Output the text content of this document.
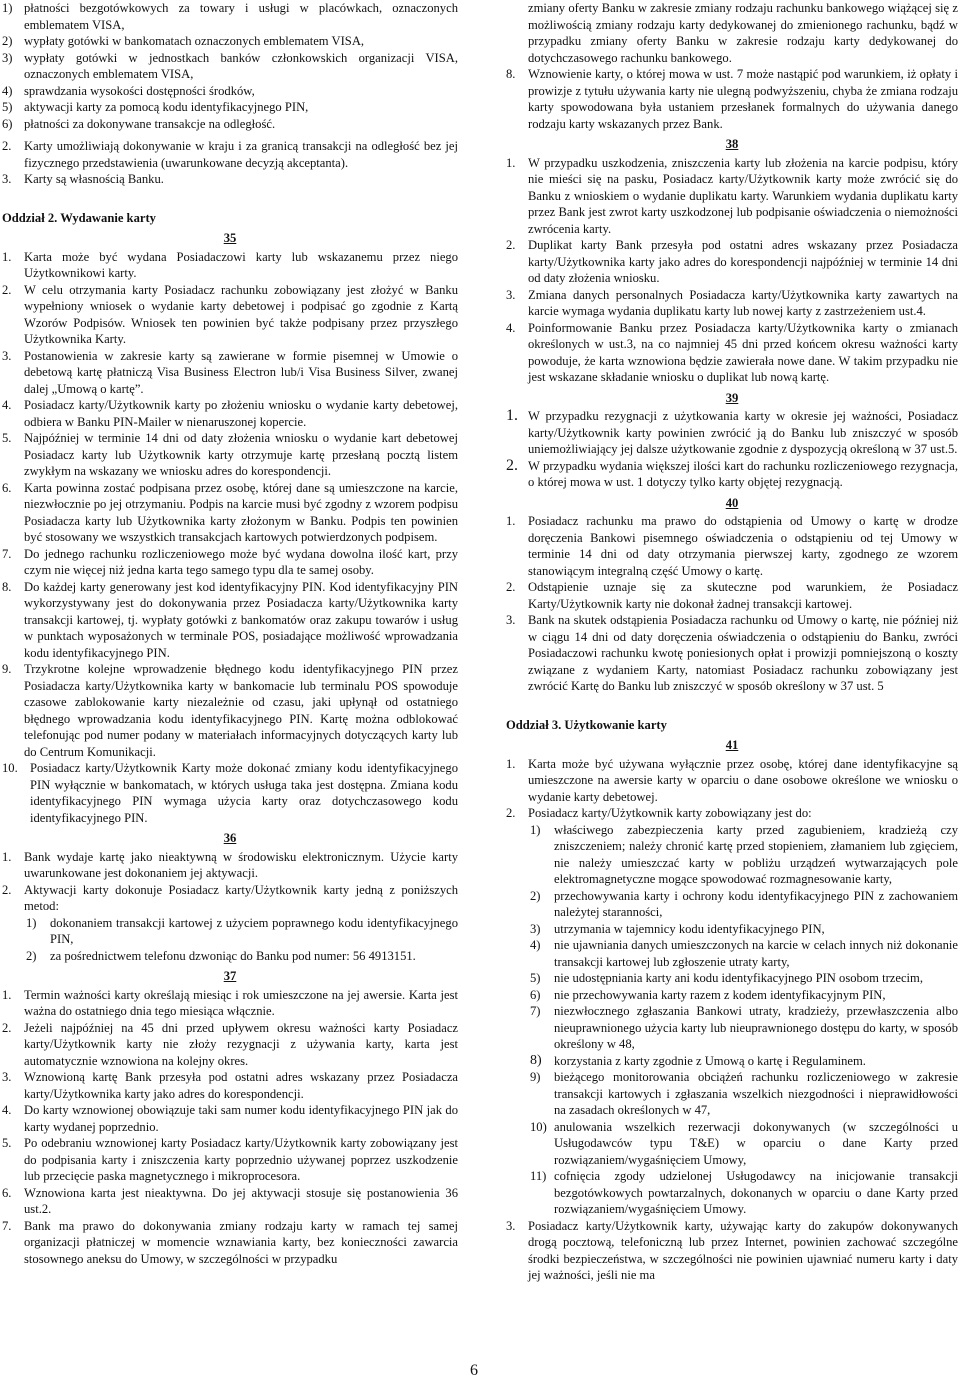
1) płatności bezgotówkowych za towary i usługi w placówkach, oznaczonych emblematem VISA,
2) wypłaty gotówki w bankomatach oznaczonych emblematem VISA,
3) wypłaty gotówki w jednostkach banków członkowskich organizacji VISA, oznaczonych emblematem VISA,
4) sprawdzania wysokości dostępności środków,
5) aktywacji karty za pomocą kodu identyfikacyjnego PIN,
6) płatności za dokonywane transakcje na odległość.
2. Karty umożliwiają dokonywanie w kraju i za granicą transakcji na odległość bez jej fizycznego przedstawienia (uwarunkowane decyzją akceptanta).
3. Karty są własnością Banku.
Oddział 2. Wydawanie karty
35
1. Karta może być wydana Posiadaczowi karty lub wskazanemu przez niego Użytkownikowi karty.
2. W celu otrzymania karty Posiadacz rachunku zobowiązany jest złożyć w Banku wypełniony wniosek o wydanie karty debetowej i podpisać go zgodnie z Kartą Wzorów Podpisów. Wniosek ten powinien być także podpisany przez przyszłego Użytkownika Karty.
3. Postanowienia w zakresie karty są zawierane w formie pisemnej w Umowie o debetową kartę płatniczą Visa Business Electron lub/i Visa Business Silver, zwanej dalej „Umową o kartę”.
4. Posiadacz karty/Użytkownik karty po złożeniu wniosku o wydanie karty debetowej, odbiera w Banku PIN-Mailer w nienaruszonej kopercie.
5. Najpóźniej w terminie 14 dni od daty złożenia wniosku o wydanie kart debetowej Posiadacz karty lub Użytkownik karty otrzymuje kartę przesłaną pocztą listem zwykłym na wskazany we wniosku adres do korespondencji.
6. Karta powinna zostać podpisana przez osobę, której dane są umieszczone na karcie, niezwłocznie po jej otrzymaniu. Podpis na karcie musi być zgodny z wzorem podpisu Posiadacza karty lub Użytkownika karty złożonym w Banku. Podpis ten powinien być stosowany we wszystkich transakcjach kartowych potwierdzonych podpisem.
7. Do jednego rachunku rozliczeniowego może być wydana dowolna ilość kart, przy czym nie więcej niż jedna karta tego samego typu dla te samej osoby.
8. Do każdej karty generowany jest kod identyfikacyjny PIN. Kod identyfikacyjny PIN wykorzystywany jest do dokonywania przez Posiadacza karty/Użytkownika karty transakcji kartowej, tj. wypłaty gotówki z bankomatów oraz zakupu towarów i usług w punktach wyposażonych w terminale POS, posiadające możliwość wprowadzania kodu identyfikacyjnego PIN.
9. Trzykrotne kolejne wprowadzenie błędnego kodu identyfikacyjnego PIN przez Posiadacza karty/Użytkownika karty w bankomacie lub terminalu POS spowoduje czasowe zablokowanie karty niezależnie od czasu, jaki upłynął od ostatniego błędnego wprowadzania kodu identyfikacyjnego PIN. Kartę można odblokować telefonując pod numer podany w materiałach informacyjnych dotyczących karty lub do Centrum Komunikacji.
10. Posiadacz karty/Użytkownik Karty może dokonać zmiany kodu identyfikacyjnego PIN wyłącznie w bankomatach, w których usługa taka jest dostępna. Zmiana kodu identyfikacyjnego PIN wymaga użycia karty oraz dotychczasowego kodu identyfikacyjnego PIN.
36
1. Bank wydaje kartę jako nieaktywną w środowisku elektronicznym. Użycie karty uwarunkowane jest dokonaniem jej aktywacji.
2. Aktywacji karty dokonuje Posiadacz karty/Użytkownik karty jedną z poniższych metod:
1)	dokonaniem transakcji kartowej z użyciem poprawnego kodu identyfikacyjnego PIN,
2)	za pośrednictwem telefonu dzwoniąc do Banku pod numer: 56 4913151.
37
1. Termin ważności karty określają miesiąc i rok umieszczone na jej awersie. Karta jest ważna do ostatniego dnia tego miesiąca włącznie.
2. Jeżeli najpóźniej na 45 dni przed upływem okresu ważności karty Posiadacz karty/Użytkownik karty nie złoży rezygnacji z używania karty, karta jest automatycznie wznowiona na kolejny okres.
3. Wznowioną kartę Bank przesyła pod ostatni adres wskazany przez Posiadacza karty/Użytkownika karty jako adres do korespondencji.
4. Do karty wznowionej obowiązuje taki sam numer kodu identyfikacyjnego PIN jak do karty wydanej poprzednio.
5. Po odebraniu wznowionej karty Posiadacz karty/Użytkownik karty zobowiązany jest do podpisania karty i zniszczenia karty poprzednio używanej poprzez uszkodzenie lub przecięcie paska magnetycznego i mikroprocesora.
6. Wznowiona karta jest nieaktywna. Do jej aktywacji stosuje się postanowienia 36 ust.2.
7. Bank ma prawo do dokonywania zmiany rodzaju karty w ramach tej samej organizacji płatniczej w momencie wznawiania karty, bez konieczności zawarcia stosownego aneksu do Umowy, w szczególności w przypadku
6
zmiany oferty Banku w zakresie zmiany rodzaju rachunku bankowego wiążącej się z możliwością zmiany rodzaju karty dedykowanej do zmienionego rachunku, bądź w przypadku zmiany oferty Banku w zakresie rodzaju karty dedykowanej do dotychczasowego rachunku bankowego.
8. Wznowienie karty, o której mowa w ust. 7 może nastąpić pod warunkiem, iż opłaty i prowizje z tytułu używania karty nie ulegną podwyższeniu, chyba że zmiana rodzaju karty spowodowana była ustaniem przesłanek formalnych do używania danego rodzaju karty wskazanych przez Bank.
38
1. W przypadku uszkodzenia, zniszczenia karty lub złożenia na karcie podpisu, który nie mieści się na pasku, Posiadacz karty/Użytkownik karty może zwrócić się do Banku z wnioskiem o wydanie duplikatu karty. Warunkiem wydania duplikatu karty przez Bank jest zwrot karty uszkodzonej lub podpisanie oświadczenia o niemożności zwrócenia karty.
2. Duplikat karty Bank przesyła pod ostatni adres wskazany przez Posiadacza karty/Użytkownika karty jako adres do korespondencji najpóźniej w terminie 14 dni od daty złożenia wniosku.
3. Zmiana danych personalnych Posiadacza karty/Użytkownika karty zawartych na karcie wymaga wydania duplikatu karty lub nowej karty z zastrzeżeniem ust.4.
4. Poinformowanie Banku przez Posiadacza karty/Użytkownika karty o zmianach określonych w ust.3, na co najmniej 45 dni przed końcem okresu ważności karty powoduje, że karta wznowiona będzie zawierała nowe dane. W takim przypadku nie jest wskazane składanie wniosku o duplikat lub nową kartę.
39
1. W przypadku rezygnacji z użytkowania karty w okresie jej ważności, Posiadacz karty/Użytkownik karty powinien zwrócić ją do Banku lub zniszczyć w sposób uniemożliwiający jej dalsze użytkowanie zgodnie z dyspozycją określoną w 37 ust.5.
2. W przypadku wydania większej ilości kart do rachunku rozliczeniowego rezygnacja, o której mowa w ust. 1 dotyczy tylko karty objętej rezygnacją.
40
1. Posiadacz rachunku ma prawo do odstąpienia od Umowy o kartę w drodze doręczenia Bankowi pisemnego oświadczenia o odstąpieniu od tej Umowy w terminie 14 dni od daty otrzymania pierwszej karty, zgodnego ze wzorem stanowiącym integralną część Umowy o kartę.
2. Odstąpienie uznaje się za skuteczne pod warunkiem, że Posiadacz Karty/Użytkownik karty nie dokonał żadnej transakcji kartowej.
3. Bank na skutek odstąpienia Posiadacza rachunku od Umowy o kartę, nie później niż w ciągu 14 dni od daty doręczenia oświadczenia o odstąpieniu do Banku, zwróci Posiadaczowi rachunku kwotę poniesionych opłat i prowizji pomniejszoną o koszty związane z wydaniem Karty, natomiast Posiadacz rachunku zobowiązany jest zwrócić Kartę do Banku lub zniszczyć w sposób określony w 37 ust. 5
Oddział 3. Użytkowanie karty
41
1. Karta może być używana wyłącznie przez osobę, której dane identyfikacyjne są umieszczone na awersie karty w oparciu o dane osobowe określone we wniosku o wydanie karty debetowej.
2. Posiadacz karty/Użytkownik karty zobowiązany jest do:
1)	właściwego zabezpieczenia karty przed zagubieniem, kradzieżą czy zniszczeniem; należy chronić kartę przed stopieniem, złamaniem lub zgięciem, nie należy umieszczać karty w pobliżu urządzeń wytwarzających pole elektromagnetyczne mogące spowodować rozmagnesowanie karty,
2)	przechowywania karty i ochrony kodu identyfikacyjnego PIN z zachowaniem należytej staranności,
3)	utrzymania w tajemnicy kodu identyfikacyjnego PIN,
4)	nie ujawniania danych umieszczonych na karcie w celach innych niż dokonanie transakcji kartowej lub zgłoszenie utraty karty,
5)	nie udostępniania karty ani kodu identyfikacyjnego PIN osobom trzecim,
6)	nie przechowywania karty razem z kodem identyfikacyjnym PIN,
7)	niezwłocznego zgłaszania Bankowi utraty, kradzieży, przewłaszczenia albo nieuprawnionego użycia karty lub nieuprawnionego dostępu do karty, w sposób określony w 48,
8) korzystania z karty zgodnie z Umową o kartę i Regulaminem.
9)	bieżącego monitorowania obciążeń rachunku rozliczeniowego w zakresie transakcji kartowych i zgłaszania wszelkich niezgodności i nieprawidłowości na zasadach określonych w 47,
10) anulowania wszelkich rezerwacji dokonywanych (w szczególności u Usługodawców typu T&E) w oparciu o dane Karty przed rozwiązaniem/wygaśnięciem Umowy,
11) cofnięcia zgody udzielonej Usługodawcy na inicjowanie transakcji bezgotówkowych powtarzalnych, dokonanych w oparciu o dane Karty przed rozwiązaniem/wygaśnięciem Umowy.
3. Posiadacz karty/Użytkownik karty, używając karty do zakupów dokonywanych drogą pocztową, telefoniczną lub przez Internet, powinien zachować szczególne środki bezpieczeństwa, w szczególności nie powinien ujawniać numeru karty i daty jej ważności, jeśli nie ma
